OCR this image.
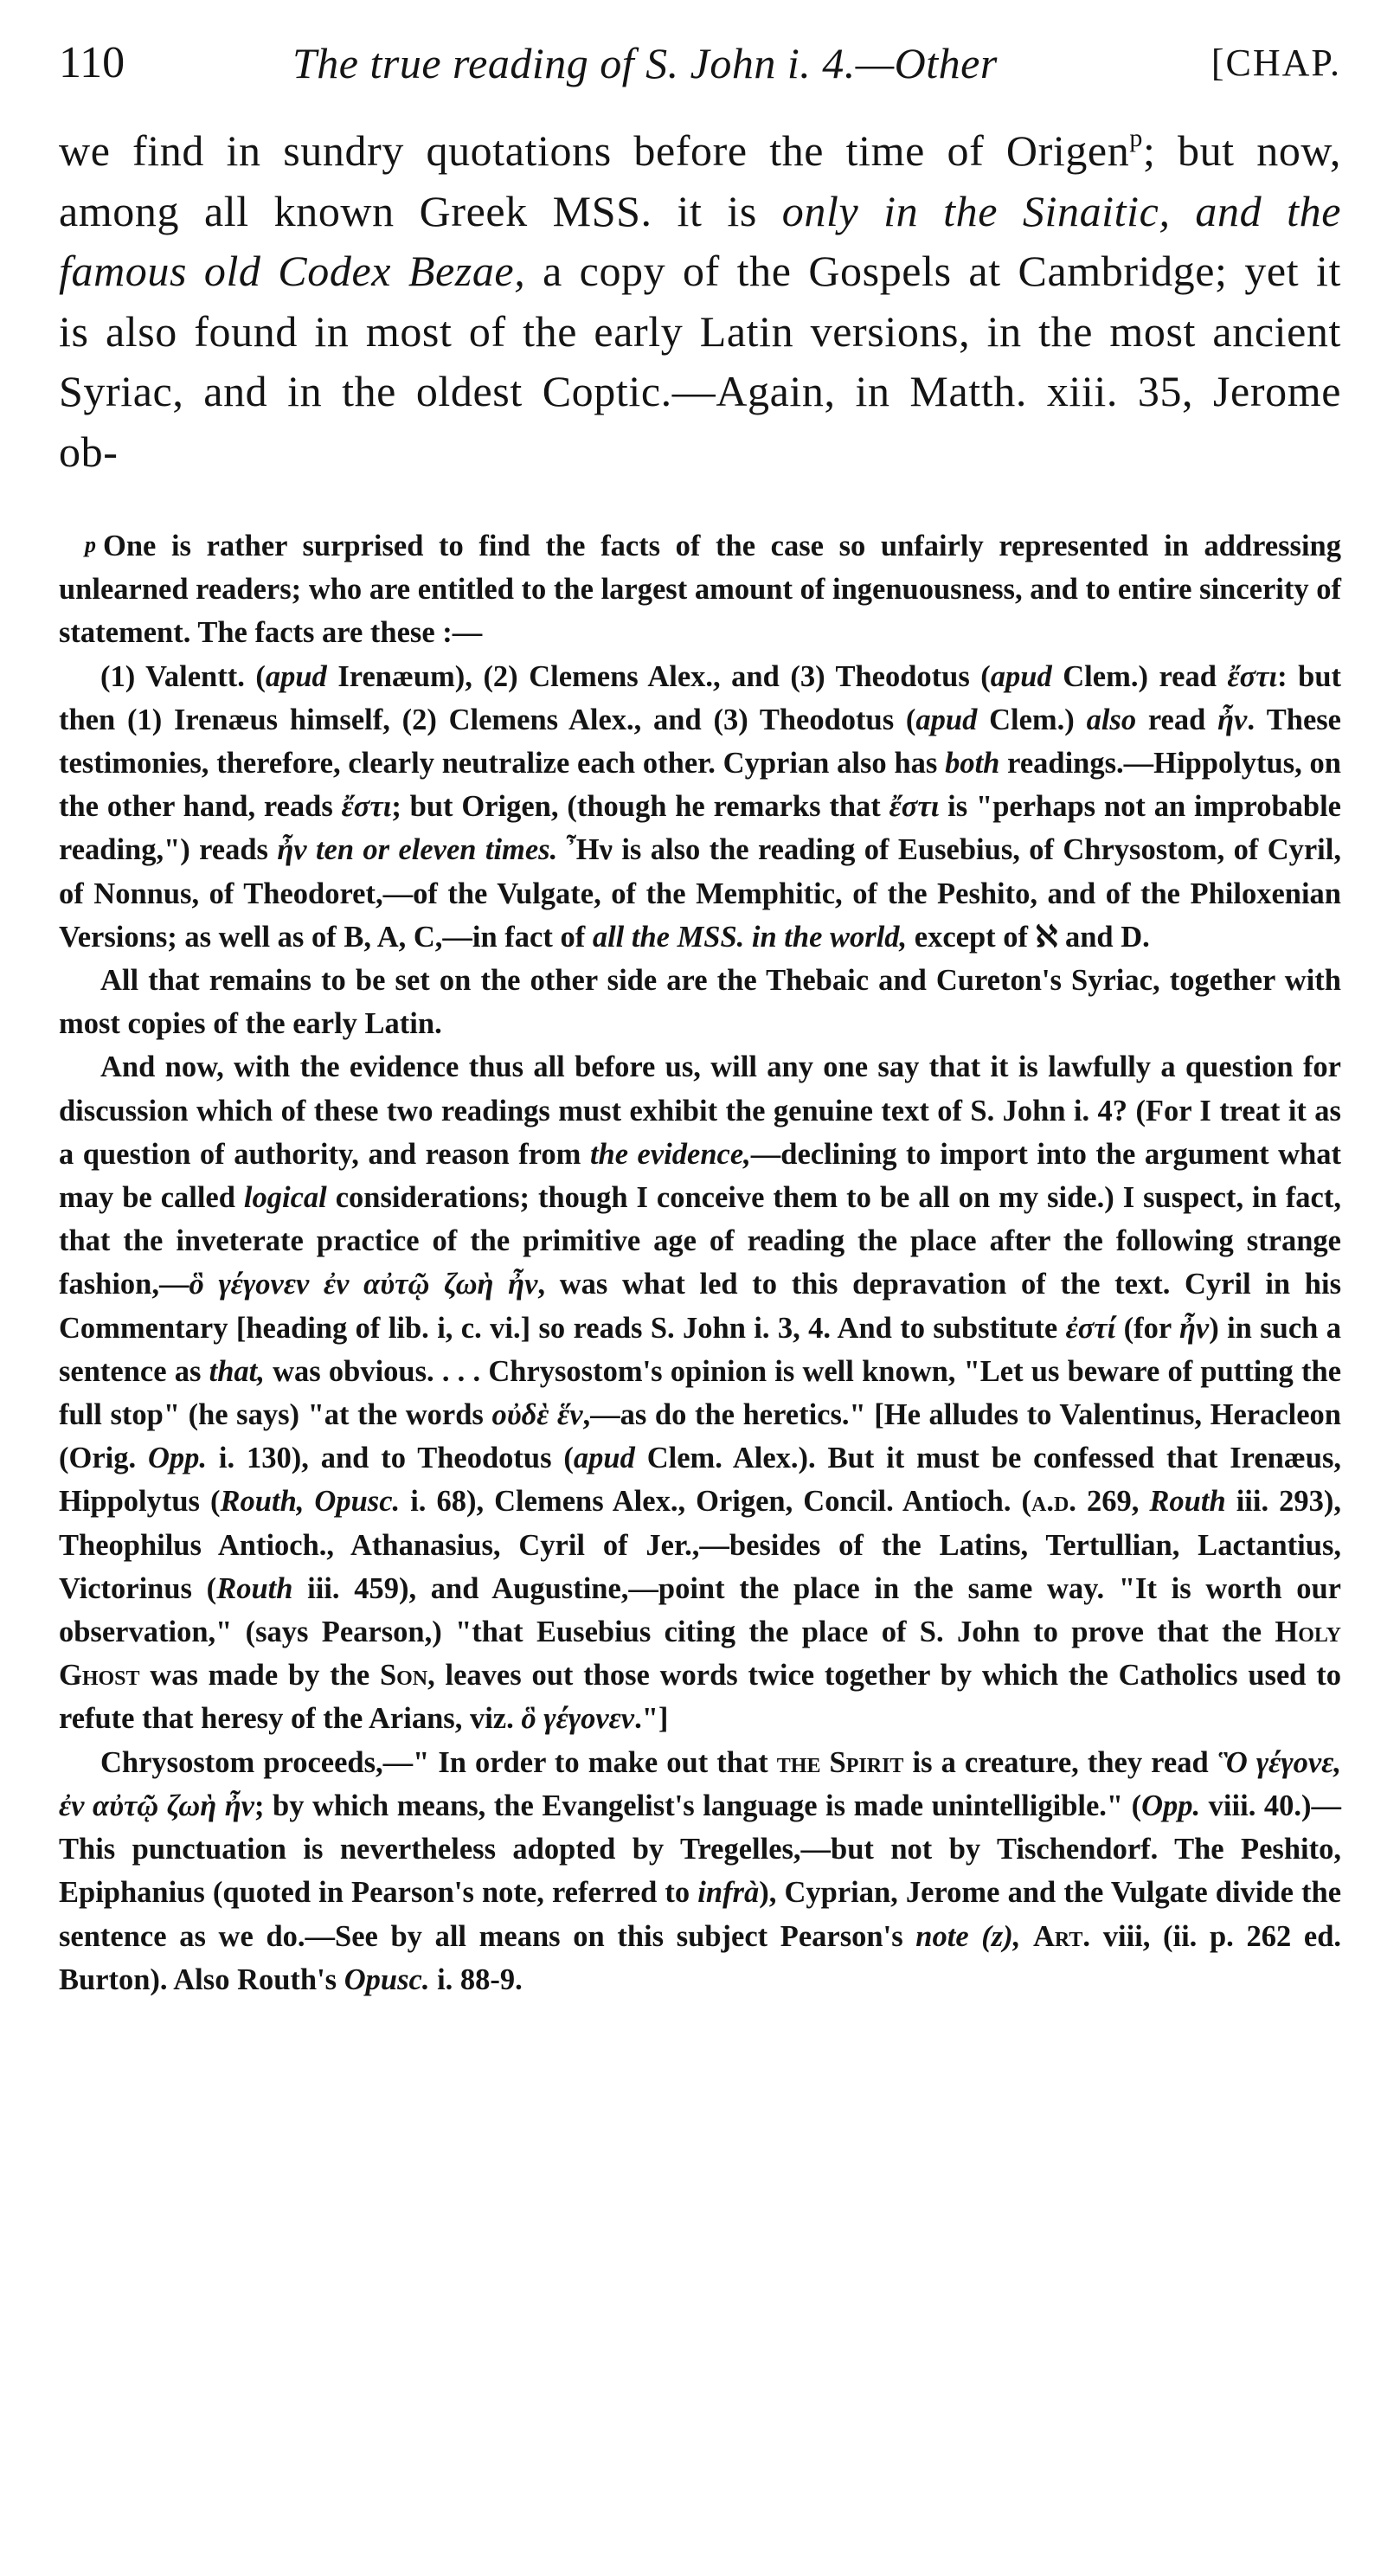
110	The true reading of S. John i. 4.—Other	[CHAP.

we find in sundry quotations before the time of Origen$^p$; but now, among all known Greek MSS. it is only in the Sinaitic, and the famous old Codex Bezae, a copy of the Gospels at Cambridge; yet it is also found in most of the early Latin versions, in the most ancient Syriac, and in the oldest Coptic.—Again, in Matth. xiii. 35, Jerome ob-

p One is rather surprised to find the facts of the case so unfairly represented in addressing unlearned readers; who are entitled to the largest amount of ingenuousness, and to entire sincerity of statement. The facts are these :—

(1) Valentt. (apud Irenæum), (2) Clemens Alex., and (3) Theodotus (apud Clem.) read ἔστι: but then (1) Irenæus himself, (2) Clemens Alex., and (3) Theodotus (apud Clem.) also read ἦν. These testimonies, therefore, clearly neutralize each other. Cyprian also has both readings.—Hippolytus, on the other hand, reads ἔστι; but Origen, (though he remarks that ἔστι is "perhaps not an improbable reading,") reads ἦν ten or eleven times. Ἦν is also the reading of Eusebius, of Chrysostom, of Cyril, of Nonnus, of Theodoret,—of the Vulgate, of the Memphitic, of the Peshito, and of the Philoxenian Versions; as well as of B, A, C,—in fact of all the MSS. in the world, except of ℵ and D.

All that remains to be set on the other side are the Thebaic and Cureton's Syriac, together with most copies of the early Latin.

And now, with the evidence thus all before us, will any one say that it is lawfully a question for discussion which of these two readings must exhibit the genuine text of S. John i. 4? (For I treat it as a question of authority, and reason from the evidence,—declining to import into the argument what may be called logical considerations; though I conceive them to be all on my side.) I suspect, in fact, that the inveterate practice of the primitive age of reading the place after the following strange fashion,—ὃ γέγονεν ἐν αὐτῷ ζωὴ ἦν, was what led to this depravation of the text. Cyril in his Commentary [heading of lib. i, c. vi.] so reads S. John i. 3, 4. And to substitute ἐστί (for ἦν) in such a sentence as that, was obvious. . . . Chrysostom's opinion is well known, "Let us beware of putting the full stop" (he says) "at the words οὐδὲ ἕν,—as do the heretics." [He alludes to Valentinus, Heracleon (Orig. Opp. i. 130), and to Theodotus (apud Clem. Alex.). But it must be confessed that Irenæus, Hippolytus (Routh, Opusc. i. 68), Clemens Alex., Origen, Concil. Antioch. (a.d. 269, Routh iii. 293), Theophilus Antioch., Athanasius, Cyril of Jer.,—besides of the Latins, Tertullian, Lactantius, Victorinus (Routh iii. 459), and Augustine,—point the place in the same way. "It is worth our observation," (says Pearson,) "that Eusebius citing the place of S. John to prove that the Holy Ghost was made by the Son, leaves out those words twice together by which the Catholics used to refute that heresy of the Arians, viz. ὃ γέγονεν."]

Chrysostom proceeds,—" In order to make out that the Spirit is a creature, they read Ὃ γέγονε, ἐν αὐτῷ ζωὴ ἦν; by which means, the Evangelist's language is made unintelligible." (Opp. viii. 40.)—This punctuation is nevertheless adopted by Tregelles,—but not by Tischendorf. The Peshito, Epiphanius (quoted in Pearson's note, referred to infrà), Cyprian, Jerome and the Vulgate divide the sentence as we do.—See by all means on this subject Pearson's note (z), Art. viii, (ii. p. 262 ed. Burton). Also Routh's Opusc. i. 88-9.
